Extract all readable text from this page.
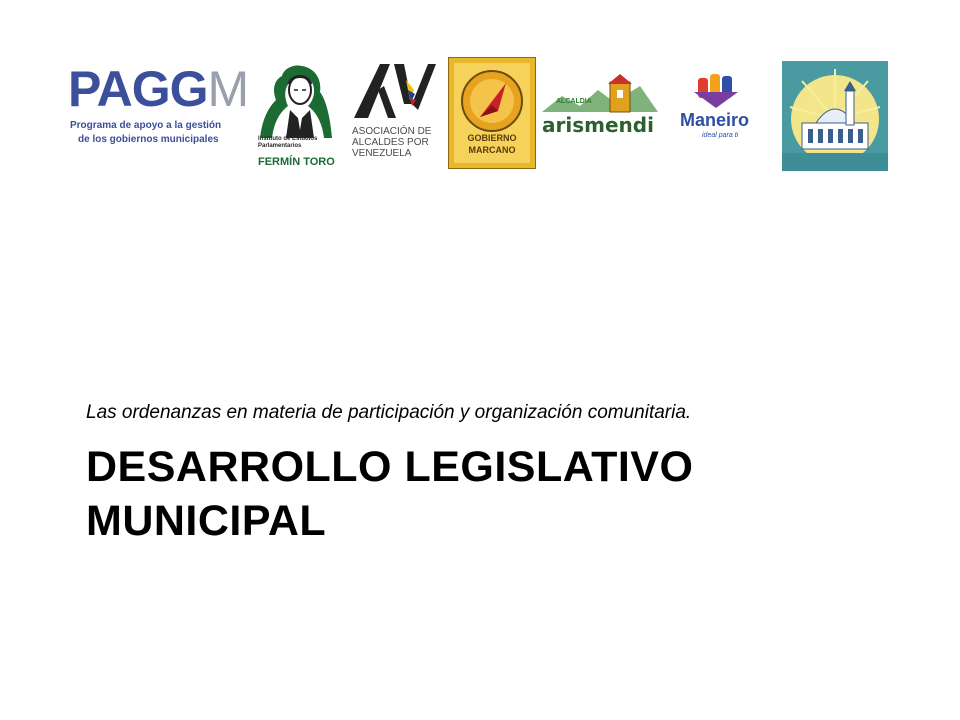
PAGGM
Programa de apoyo a la gestión
de los gobiernos municipales	Instituto de Estudios Parlamentarios
FERMÍN TORO
ASOCIACIÓN DE
ALCALDES POR
VENEZUELA
GOBIERNO
MARCANO
ALCALDIA
arismendi Maneiro
ideal para ti
Las ordenanzas en materia de participación y organización comunitaria.
DESARROLLO LEGISLATIVO
MUNICIPAL
